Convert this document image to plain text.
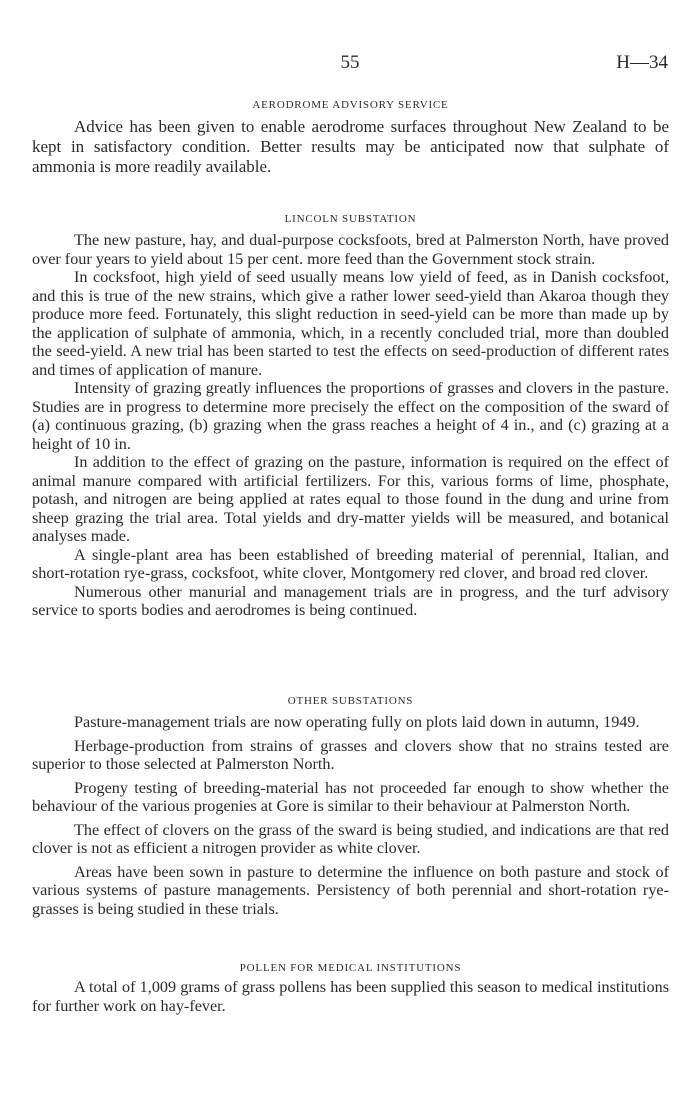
55	H—34
AERODROME ADVISORY SERVICE

Advice has been given to enable aerodrome surfaces throughout New Zealand to be kept in satisfactory condition. Better results may be anticipated now that sulphate of ammonia is more readily available.

LINCOLN SUBSTATION

The new pasture, hay, and dual-purpose cocksfoots, bred at Palmerston North, have proved over four years to yield about 15 per cent. more feed than the Government stock strain.

In cocksfoot, high yield of seed usually means low yield of feed, as in Danish cocksfoot, and this is true of the new strains, which give a rather lower seed-yield than Akaroa though they produce more feed. Fortunately, this slight reduction in seed-yield can be more than made up by the application of sulphate of ammonia, which, in a recently concluded trial, more than doubled the seed-yield. A new trial has been started to test the effects on seed-production of different rates and times of application of manure.

Intensity of grazing greatly influences the proportions of grasses and clovers in the pasture. Studies are in progress to determine more precisely the effect on the composition of the sward of (a) continuous grazing, (b) grazing when the grass reaches a height of 4 in., and (c) grazing at a height of 10 in.

In addition to the effect of grazing on the pasture, information is required on the effect of animal manure compared with artificial fertilizers. For this, various forms of lime, phosphate, potash, and nitrogen are being applied at rates equal to those found in the dung and urine from sheep grazing the trial area. Total yields and dry-matter yields will be measured, and botanical analyses made.

A single-plant area has been established of breeding material of perennial, Italian, and short-rotation rye-grass, cocksfoot, white clover, Montgomery red clover, and broad red clover.

Numerous other manurial and management trials are in progress, and the turf advisory service to sports bodies and aerodromes is being continued.

OTHER SUBSTATIONS

Pasture-management trials are now operating fully on plots laid down in autumn, 1949.

Herbage-production from strains of grasses and clovers show that no strains tested are superior to those selected at Palmerston North.

Progeny testing of breeding-material has not proceeded far enough to show whether the behaviour of the various progenies at Gore is similar to their behaviour at Palmerston North.

The effect of clovers on the grass of the sward is being studied, and indications are that red clover is not as efficient a nitrogen provider as white clover.

Areas have been sown in pasture to determine the influence on both pasture and stock of various systems of pasture managements. Persistency of both perennial and short-rotation rye-grasses is being studied in these trials.

POLLEN FOR MEDICAL INSTITUTIONS

A total of 1,009 grams of grass pollens has been supplied this season to medical institutions for further work on hay-fever.
